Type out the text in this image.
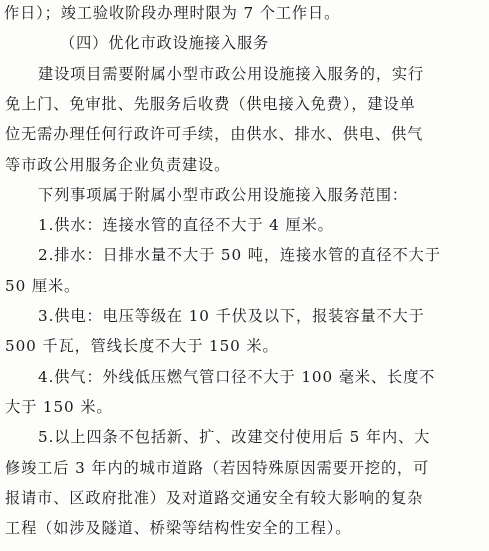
作日）；竣工验收阶段办理时限为 7 个工作日。
（四）优化市政设施接入服务
建设项目需要附属小型市政公用设施接入服务的，实行
免上门、免审批、先服务后收费（供电接入免费），建设单
位无需办理任何行政许可手续，由供水、排水、供电、供气
等市政公用服务企业负责建设。
下列事项属于附属小型市政公用设施接入服务范围：
1.供水：连接水管的直径不大于 4 厘米。
2.排水：日排水量不大于 50 吨，连接水管的直径不大于
50 厘米。
3.供电：电压等级在 10 千伏及以下，报装容量不大于
500 千瓦，管线长度不大于 150 米。
4.供气：外线低压燃气管口径不大于 100 毫米、长度不
大于 150 米。
5.以上四条不包括新、扩、改建交付使用后 5 年内、大
修竣工后 3 年内的城市道路（若因特殊原因需要开挖的，可
报请市、区政府批准）及对道路交通安全有较大影响的复杂
工程（如涉及隧道、桥梁等结构性安全的工程）。
